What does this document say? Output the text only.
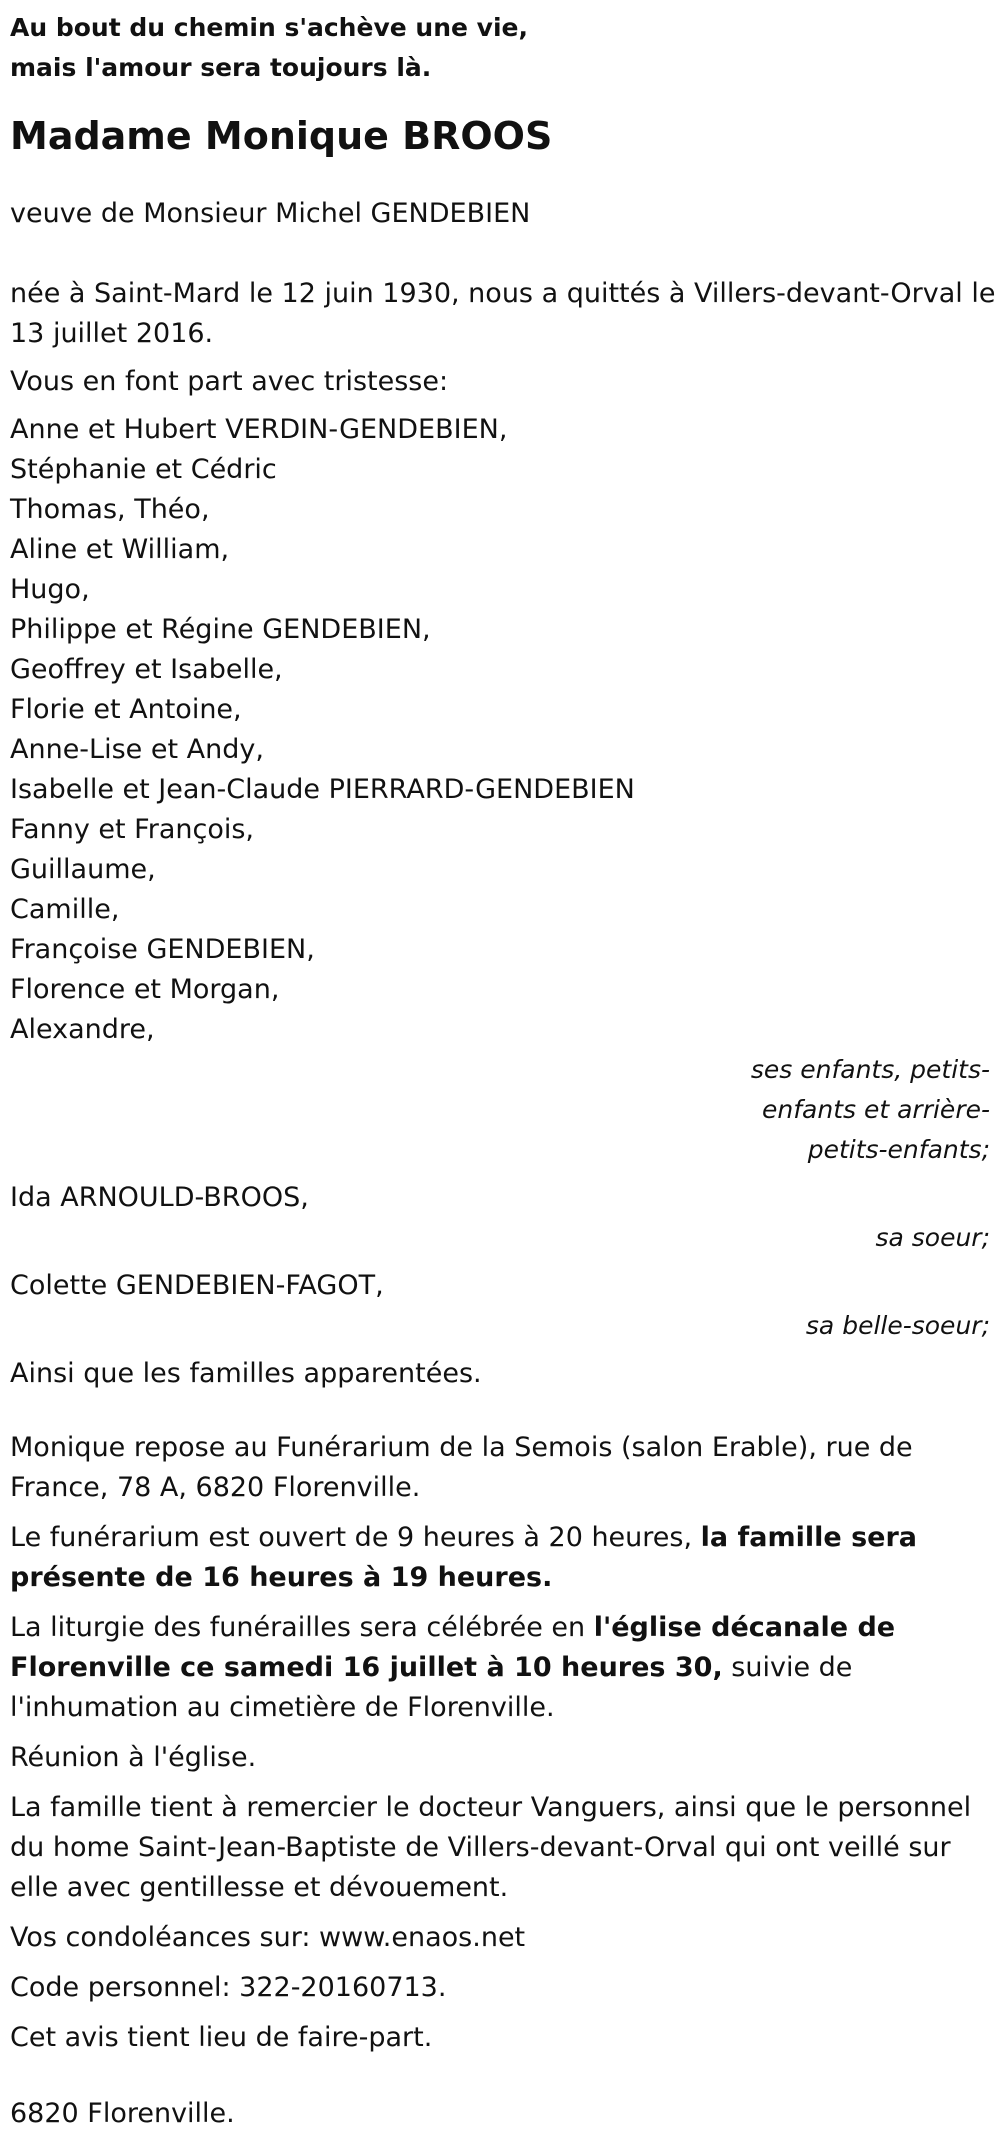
Au bout du chemin s'achève une vie,
mais l'amour sera toujours là.
Madame Monique BROOS
veuve de Monsieur Michel GENDEBIEN
née à Saint-Mard le 12 juin 1930, nous a quittés à Villers-devant-Orval le 13 juillet 2016.
Vous en font part avec tristesse:
Anne et Hubert VERDIN-GENDEBIEN,
Stéphanie et Cédric
Thomas, Théo,
Aline et William,
Hugo,
Philippe et Régine GENDEBIEN,
Geoffrey et Isabelle,
Florie et Antoine,
Anne-Lise et Andy,
Isabelle et Jean-Claude PIERRARD-GENDEBIEN
Fanny et François,
Guillaume,
Camille,
Françoise GENDEBIEN,
Florence et Morgan,
Alexandre,
ses enfants, petits-enfants et arrière-petits-enfants;
Ida ARNOULD-BROOS,
sa soeur;
Colette GENDEBIEN-FAGOT,
sa belle-soeur;
Ainsi que les familles apparentées.
Monique repose au Funérarium de la Semois (salon Erable), rue de France, 78 A, 6820 Florenville.
Le funérarium est ouvert de 9 heures à 20 heures, la famille sera présente de 16 heures à 19 heures.
La liturgie des funérailles sera célébrée en l'église décanale de Florenville ce samedi 16 juillet à 10 heures 30, suivie de l'inhumation au cimetière de Florenville.
Réunion à l'église.
La famille tient à remercier le docteur Vanguers, ainsi que le personnel du home Saint-Jean-Baptiste de Villers-devant-Orval qui ont veillé sur elle avec gentillesse et dévouement.
Vos condoléances sur: www.enaos.net
Code personnel: 322-20160713.
Cet avis tient lieu de faire-part.
6820 Florenville.
